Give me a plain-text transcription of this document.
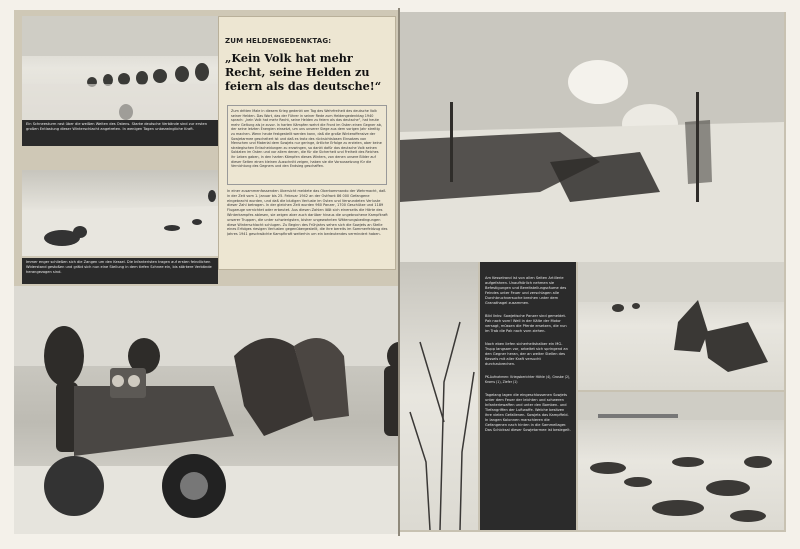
Ein Schneesturm rast über die weißen Weiten des Ostens. Starke deutsche Verbände sind zur ersten großen Entlastung dieser Winterschlacht angetreten. In wenigen Tagen unbezwingliche Kraft.
Immer enger schließen sich die Zangen um den Kessel. Die Infanteristen tragen auf ersten feindlichen Widerstand gestoßen und gräbt sich nun eine Stellung in dem tiefen Schnee ein, bis stärkere Verbände herangezogen sind.
ZUM HELDENGEDENKTAG:
„Kein Volk hat mehr Recht, seine Helden zu feiern als das deutsche!“
Zum dritten Male in diesem Krieg gedenkt am Tag des Wehrfreiheit des deutsche Volk seiner Helden. Das Wort, das der Führer in seiner Rede zum Heldengedenktag 1940 sprach: „kein Volk hat mehr Recht, seine Helden zu feiern als das deutsche“, hat heute mehr Geltung als je zuvor. In harten Kämpfen wehrt die Front im Osten einen Gegner ab, der seine letzten Energien einsetzt, um uns unserer Siege aus dem vorigen Jahr streitig zu machen. Wenn heute festgestellt werden kann, daß die große Winteroffensive der Sowjetarmee gescheitert ist und daß es trotz des rücksichtslosen Einsatzes von Menschen und Material dem Sowjets nur geringe, örtliche Erfolge zu erzielen, aber keine strategischen Entscheidungen zu erzwingen, so dankt dafür das deutsche Volk seinen Soldaten im Osten und vor allem denen, die für die Sicherheit und Freiheit des Reiches ihr Leben gaben, in den harten Kämpfen dieses Winters, von denen unsere Bilder auf dieser Seiten einen kleinen Ausschnitt zeigen, haben sie die Voraussetzung für die Vernichtung des Gegners und den Endsieg geschaffen.
In einer zusammenfassenden Übersicht meldete das Oberkommando der Wehrmacht, daß in der Zeit vom 1. Januar bis 25. Februar 1942 an der Ostfront 86 000 Gefangene eingebracht wurden, und daß die blutigen Verluste im Osten und Verwundeten Verluste dieser Zahl betragen. In der gleichen Zeit wurden 960 Panzer, 1700 Geschütze und 1189 Flugzeuge vernichtet oder erbeutet. Aus diesen Zahlen läßt sich einerseits die Härte des Winterkampfes ablesen, sie zeigen aber auch darüber hinaus die ungebrochene Kampfkraft unserer Truppen, die unter schwierigsten, bisher ungewohnten Witterungsbedingungen diese Winterschlacht schlugen. Zu Beginn des Frühjahrs sehen sich die Sowjets an Stelle eines Erfolges riesigen Verlusten gegenübergestellt, die ihre bereits im Sommerfeldzug des Jahres 1941 geschwächte Kampfkraft weiterhin um ein bedeutendes vermindert haben.
Am Kesselrand ist von allen Seiten Artillerie aufgefahren. Unaufhörlich nehmen sie Befestigungen und Bereitstellungsräume des Feindes unter Feuer und zerschlagen alle Durchbruchversuche brechen unter dem Granathagel zusammen.
Bild links: Sowjetische Panzer sind gemeldet. Pak nach vorn! Weil in der Kälte der Motor versagt, müssen die Pferde ersetzen, die nun im Trab die Pak nach vorn ziehen.
Noch eben liefen sicherheitshalber ein MG-Trupp langsam vor, arbeitet sich springend an den Gegner heran, der an weiter Stellen des Kessels mit aller Kraft versucht durchzubrechen.
PK-Aufnahmen: Kriegsberichter Hähle (4), Grosbe (2), Kroms (1), Ziefer (1)
Tagelang lagen die eingeschlossenen Sowjets unter dem Feuer der leichten und schweren Infanteriewaffen und unter den Bomben- und Tiefangriffen der Luftwaffe. Welche besitzen ihre vielen Gefallenen. Sowjets das Kampffeld. In langen Kolonnen marschieren die Gefangenen nach hinten in die Sammellager. Das Schicksal dieser Sowjetarmee ist besiegelt.
